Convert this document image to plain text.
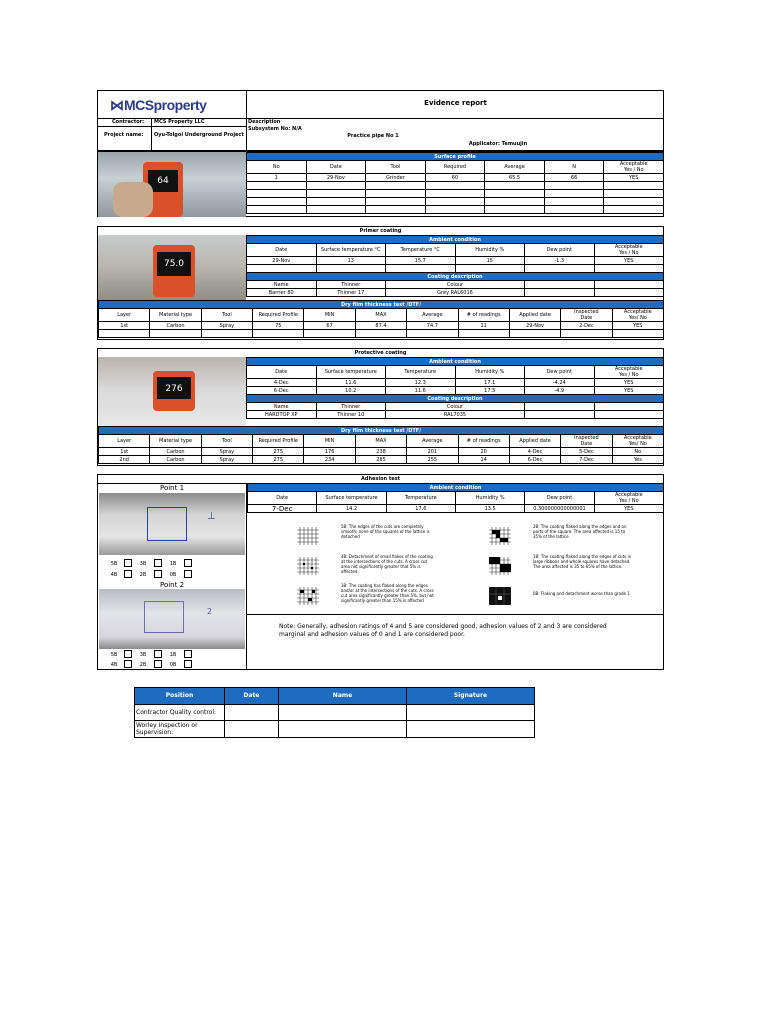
⋈MCSproperty	Evidence report
Contractor: MCS Property LLC	Description
Subsystem No: N/A
Project name: Oyu-Tolgoi Underground Project	Practice pipe No 1
Applicator: Temuujin
64
Surface profile						
No	Date	Tool	Required	Average	N	Acceptable
Yes / No
1	29-Nov	Grinder	60	65.5	66	YES

Primer coating
75.0
Ambient condition					
Date	Surface temperature °C	Temperature °C	Humidity %	Dew point	Acceptable
Yes / No
29-Nov	13	15.7	15	-1.3	YES

Coating description					
Name	Thinner	Colour			
Barrier 80	Thinner 17	Grey RAL6016			
Dry film thickness test /DTF/										
Layer	Material type	Tool	Required Profile	MIN	MAX	Average	# of readings	Applied date	Inspected
Date	Acceptable
Yes/ No
1st	Carbon	Spray	75	67	87.4	74.7	11	29-Nov	2-Dec	YES

Protective coating
276
Ambient condition					
Date	Surface temperature	Temperature	Humidity %	Dew point	Acceptable
Yes / No
4-Dec	11.6	12.3	17.1	-4.24	YES
6-Dec	10.2	11.6	17.5	-4.9	YES
Coating description					
Name	Thinner	Colour			
HARDTOP XP	Thinner 10	RAL7035			
Dry film thickness test /DTF/										
Layer	Material type	Tool	Required Profile	MIN	MAX	Average	# of readings	Applied date	Inspected
Date	Acceptable
Yes/ No
1st	Carbon	Spray	275	176	238	201	20	4-Dec	5-Dec	No
2nd	Carbon	Spray	275	234	285	255	14	6-Dec	7-Dec	Yes
Adhesion test
Point 1
⊥
5B	3B	1B
4B	2B	0B
Point 2
2
5B	3B	1B
4B	2B	0B
Ambient condition					
Date	Surface temperature	Temperature	Humidity %	Dew point	Acceptable
Yes / No
7-Dec	14.2	17.6	13.5	0.300000000000001	YES
5B: The edges of the cuts are completely smooth; none of the squares of the lattice is detached
4B: Detachment of small flakes of the coating at the intersections of the cuts. A cross cut area not significantly greater that 5% is affected
3B: The coating has flaked along the edges and/or at the intersections of the cuts. A cross cut area significantly greater than 5%, but not significantly greater than 15% is affected
2B: The coating flaked along the edges and on parts of the square. The area affected is 15 to 35% of the lattice
1B: The coating flaked along the edges of cuts in large ribbons and whole squares have detached. The area affected is 35 to 65% of the lattice.
0B: Flaking and detachment worse than grade 1
Note: Generally, adhesion ratings of 4 and 5 are considered good, adhesion values of 2 and 3 are considered marginal and adhesion values of 0 and 1 are considered poor.
Position	Date	Name	Signature
Contractor Quality control:			
Worley Inspection or Supervision:			
